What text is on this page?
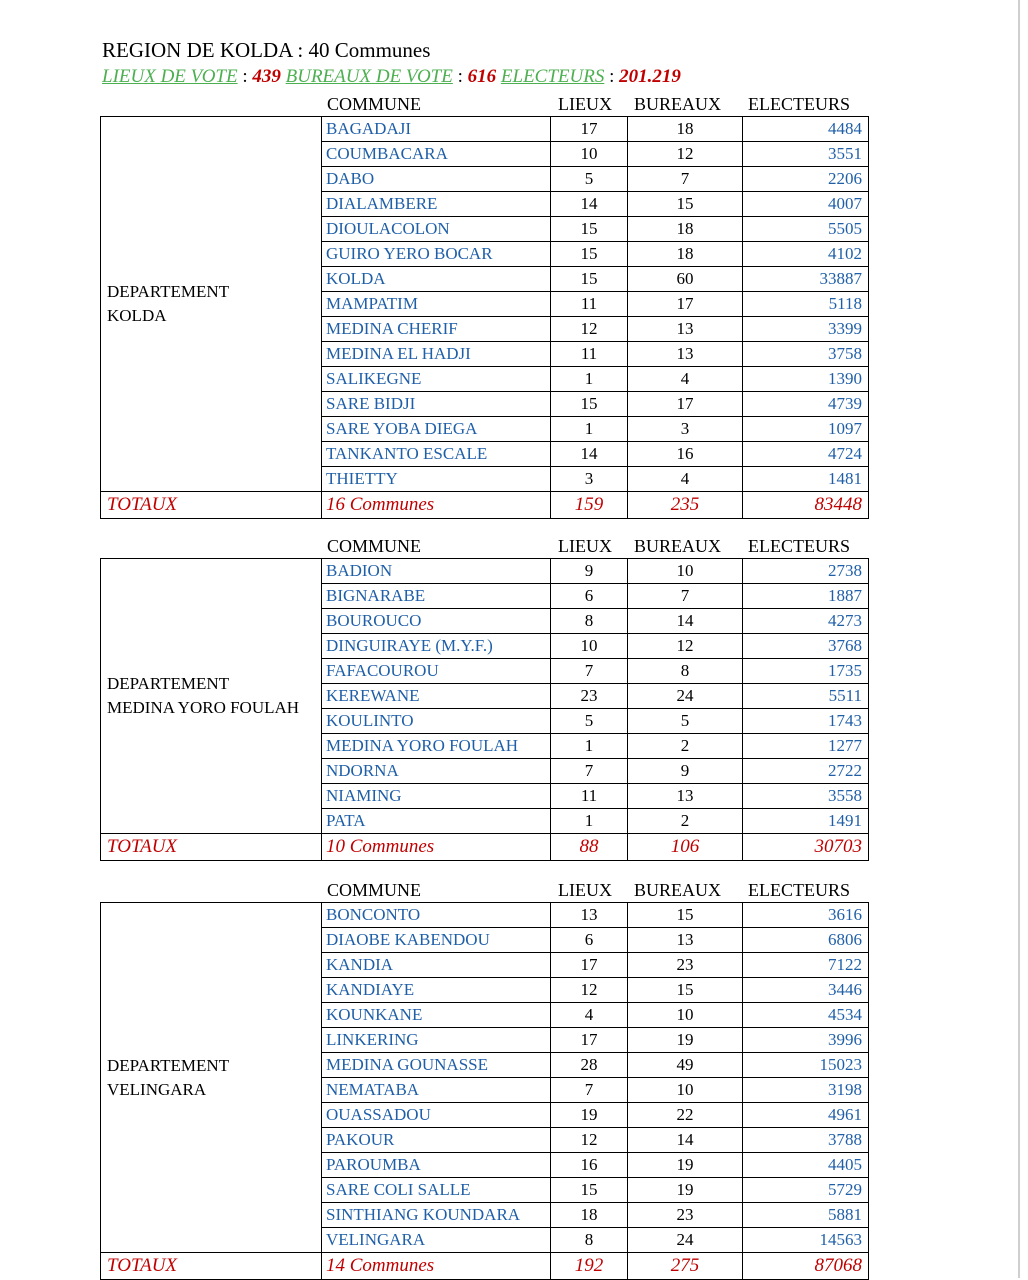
REGION DE KOLDA : 40 Communes
LIEUX DE VOTE : 439 BUREAUX DE VOTE : 616 ELECTEURS : 201.219
COMMUNE	LIEUX BUREAUX ELECTEURS
DEPARTEMENT
KOLDA	BAGADAJI	17	18	4484
	COUMBACARA	10	12	3551
	DABO	5	7	2206
	DIALAMBERE	14	15	4007
	DIOULACOLON	15	18	5505
	GUIRO YERO BOCAR	15	18	4102
	KOLDA	15	60	33887
	MAMPATIM	11	17	5118
	MEDINA CHERIF	12	13	3399
	MEDINA EL HADJI	11	13	3758
	SALIKEGNE	1	4	1390
	SARE BIDJI	15	17	4739
	SARE YOBA DIEGA	1	3	1097
	TANKANTO ESCALE	14	16	4724
	THIETTY	3	4	1481
TOTAUX	16 Communes	159	235	83448
COMMUNE	LIEUX BUREAUX ELECTEURS
DEPARTEMENT
MEDINA YORO FOULAH	BADION	9	10	2738
	BIGNARABE	6	7	1887
	BOUROUCO	8	14	4273
	DINGUIRAYE (M.Y.F.)	10	12	3768
	FAFACOUROU	7	8	1735
	KEREWANE	23	24	5511
	KOULINTO	5	5	1743
	MEDINA YORO FOULAH	1	2	1277
	NDORNA	7	9	2722
	NIAMING	11	13	3558
	PATA	1	2	1491
TOTAUX	10 Communes	88	106	30703
COMMUNE	LIEUX BUREAUX ELECTEURS
DEPARTEMENT
VELINGARA	BONCONTO	13	15	3616
	DIAOBE KABENDOU	6	13	6806
	KANDIA	17	23	7122
	KANDIAYE	12	15	3446
	KOUNKANE	4	10	4534
	LINKERING	17	19	3996
	MEDINA GOUNASSE	28	49	15023
	NEMATABA	7	10	3198
	OUASSADOU	19	22	4961
	PAKOUR	12	14	3788
	PAROUMBA	16	19	4405
	SARE COLI SALLE	15	19	5729
	SINTHIANG KOUNDARA	18	23	5881
	VELINGARA	8	24	14563
TOTAUX	14 Communes	192	275	87068
